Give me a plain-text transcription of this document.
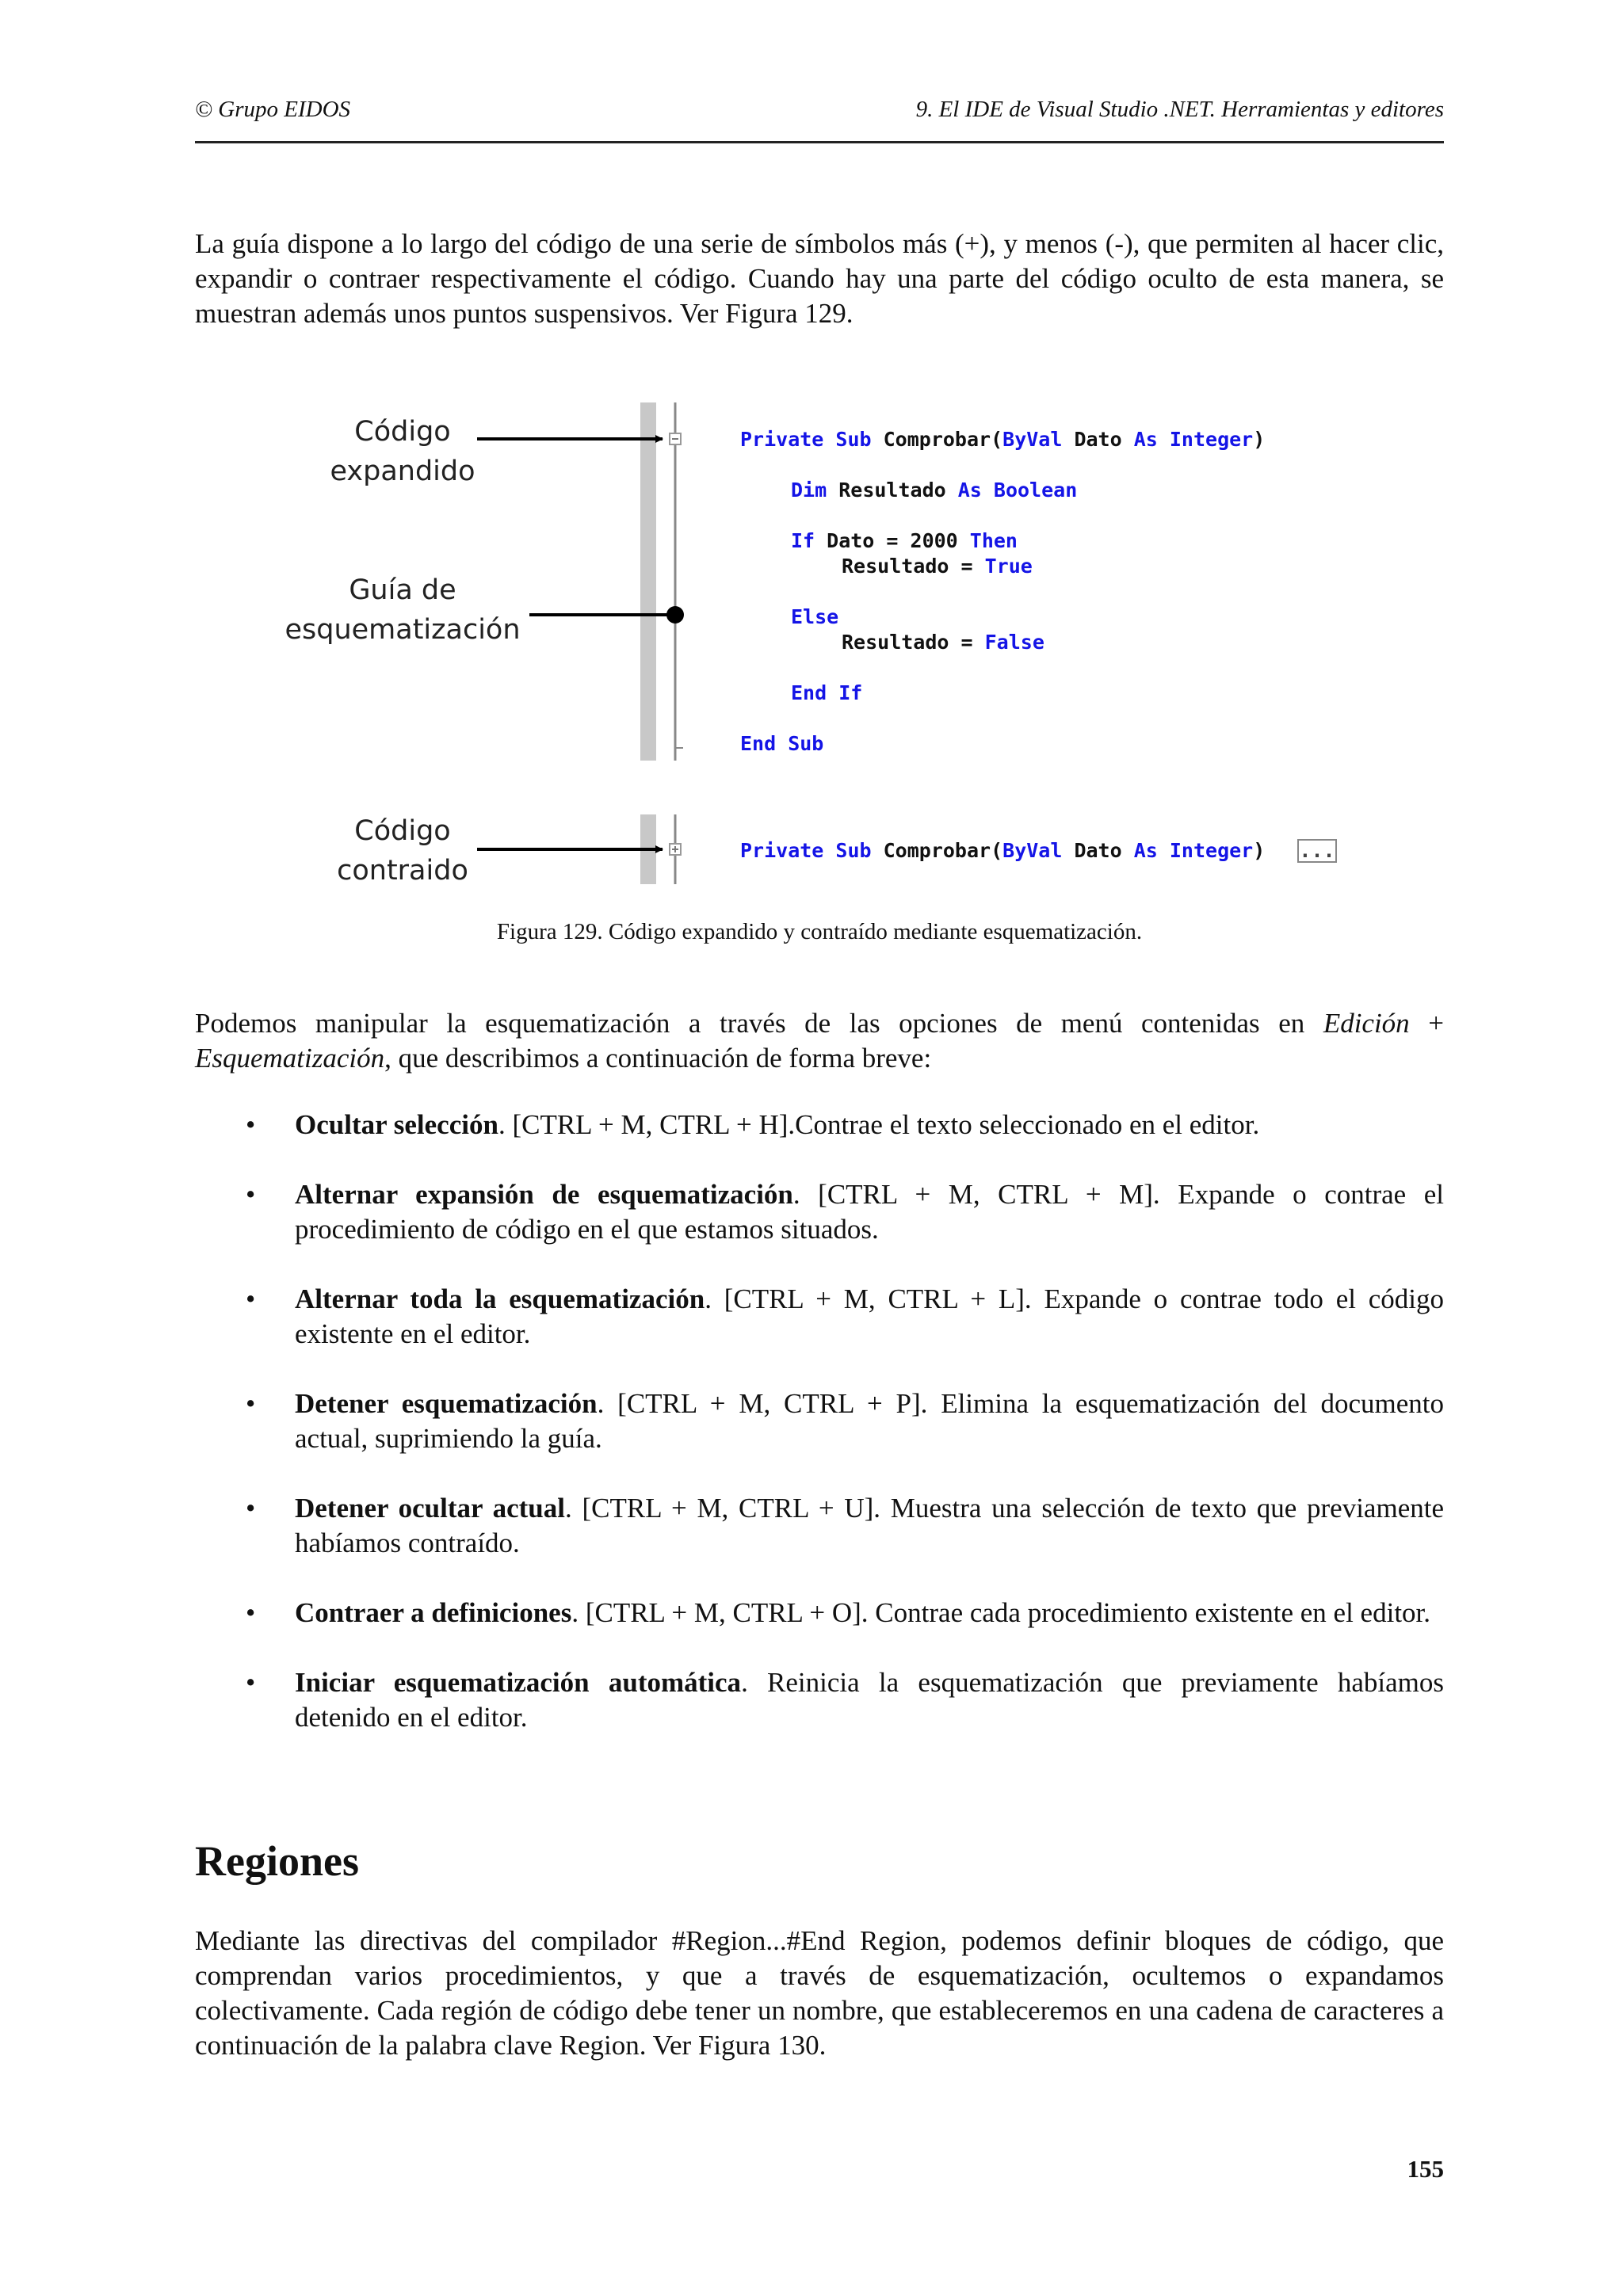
© Grupo EIDOS	9. El IDE de Visual Studio .NET. Herramientas y editores

La guía dispone a lo largo del código de una serie de símbolos más (+), y menos (-), que permiten al hacer clic, expandir o contraer respectivamente el código. Cuando hay una parte del código oculto de esta manera, se muestran además unos puntos suspensivos. Ver Figura 129.

Código
expandido
Guía de
esquematización
Código
contraido
Private Sub Comprobar(ByVal Dato As Integer)
Dim Resultado As Boolean
If Dato = 2000 Then
Resultado = True
Else
Resultado = False
End If
End Sub
Private Sub Comprobar(ByVal Dato As Integer) ...
Figura 129. Código expandido y contraído mediante esquematización.

Podemos manipular la esquematización a través de las opciones de menú contenidas en Edición + Esquematización, que describimos a continuación de forma breve:

• Ocultar selección. [CTRL + M, CTRL + H].Contrae el texto seleccionado en el editor.
• Alternar expansión de esquematización. [CTRL + M, CTRL + M]. Expande o contrae el procedimiento de código en el que estamos situados.
• Alternar toda la esquematización. [CTRL + M, CTRL + L]. Expande o contrae todo el código existente en el editor.
• Detener esquematización. [CTRL + M, CTRL + P]. Elimina la esquematización del documento actual, suprimiendo la guía.
• Detener ocultar actual. [CTRL + M, CTRL + U]. Muestra una selección de texto que previamente habíamos contraído.
• Contraer a definiciones. [CTRL + M, CTRL + O]. Contrae cada procedimiento existente en el editor.
• Iniciar esquematización automática. Reinicia la esquematización que previamente habíamos detenido en el editor.
Regiones

Mediante las directivas del compilador #Region...#End Region, podemos definir bloques de código, que comprendan varios procedimientos, y que a través de esquematización, ocultemos o expandamos colectivamente. Cada región de código debe tener un nombre, que estableceremos en una cadena de caracteres a continuación de la palabra clave Region. Ver Figura 130.

155
